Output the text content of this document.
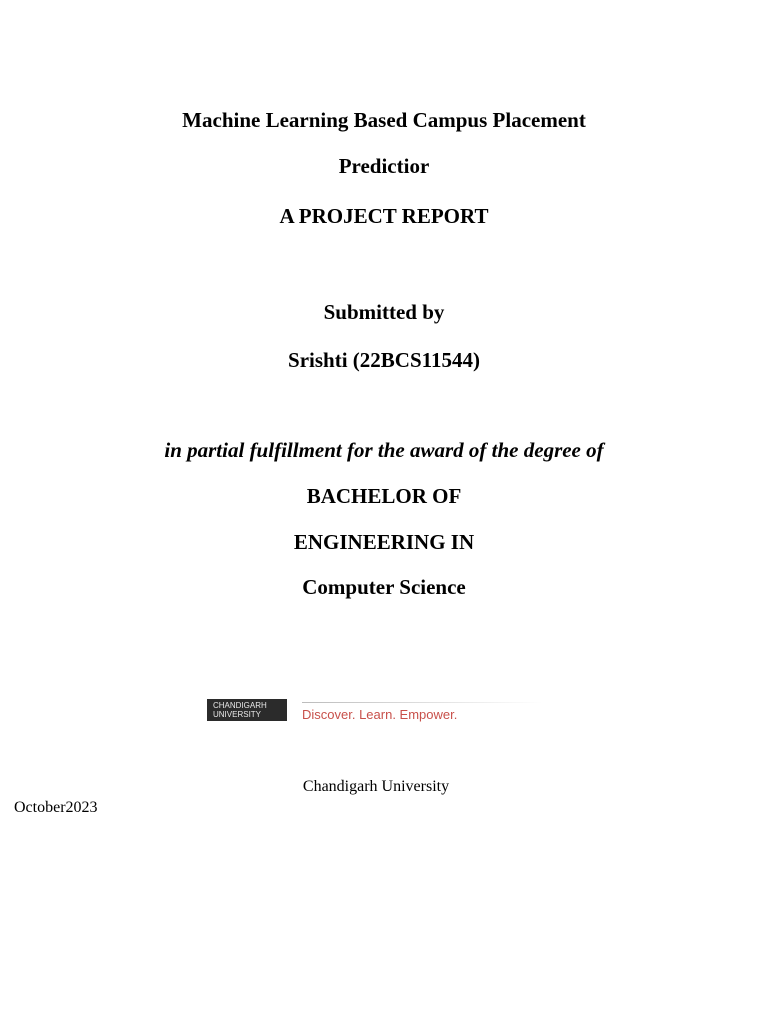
Machine Learning Based Campus Placement
Predictior
A PROJECT REPORT
Submitted by
Srishti (22BCS11544)
in partial fulfillment for the award of the degree of
BACHELOR OF
ENGINEERING IN
Computer Science
CHANDIGARH UNIVERSITY	Discover. Learn. Empower.
Chandigarh University
October2023
